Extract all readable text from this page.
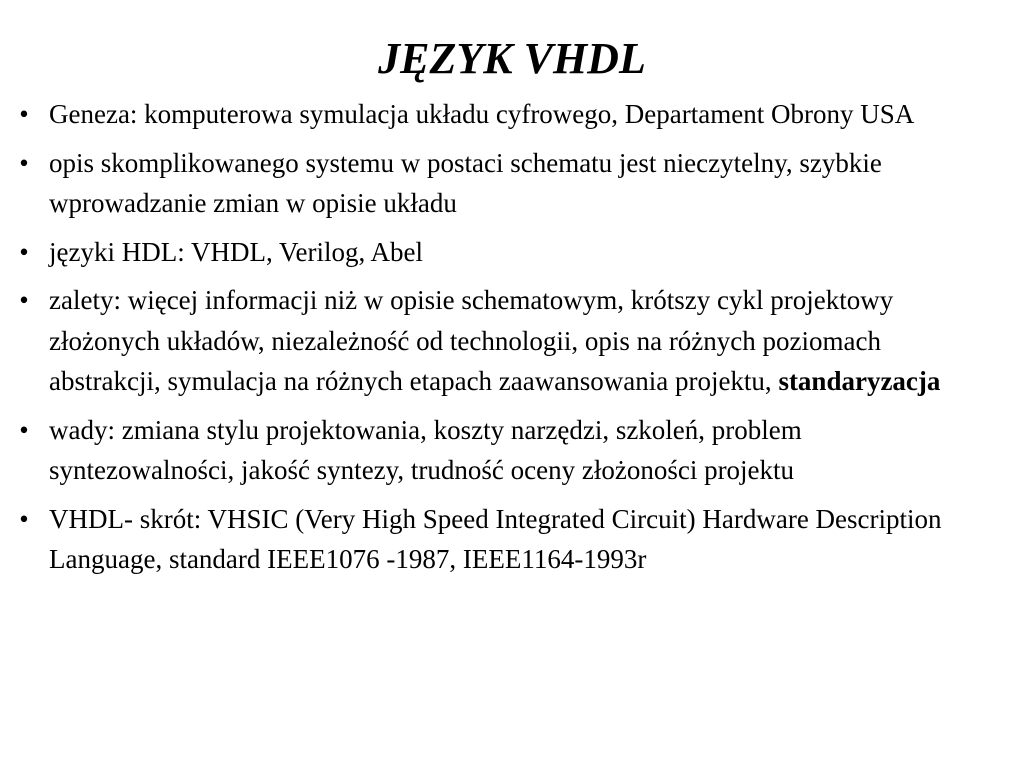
JĘZYK VHDL
• Geneza: komputerowa symulacja układu cyfrowego, Departament Obrony USA
• opis skomplikowanego systemu w postaci schematu jest nieczytelny, szybkie wprowadzanie zmian w opisie układu
• języki HDL: VHDL, Verilog, Abel
• zalety: więcej informacji niż w opisie schematowym, krótszy cykl projektowy złożonych układów, niezależność od technologii, opis na różnych poziomach abstrakcji, symulacja na różnych etapach zaawansowania projektu, standaryzacja
• wady: zmiana stylu projektowania, koszty narzędzi, szkoleń, problem syntezowalności, jakość syntezy, trudność oceny złożoności projektu
• VHDL- skrót: VHSIC (Very High Speed Integrated Circuit) Hardware Description Language, standard IEEE1076 -1987, IEEE1164-1993r
